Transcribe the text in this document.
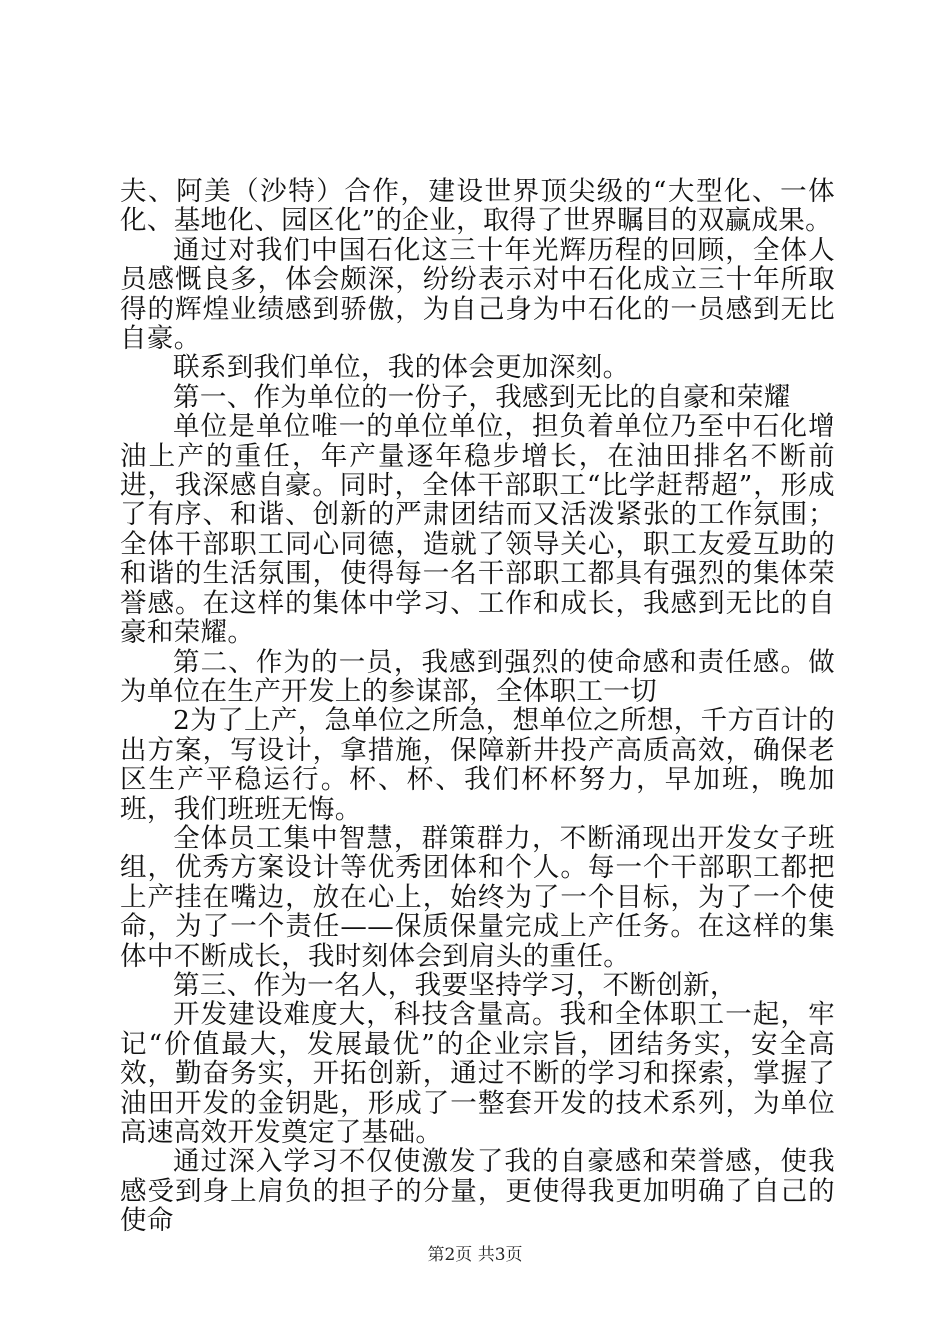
夫、阿美（沙特）合作，建设世界顶尖级的“大型化、一体化、基地化、园区化”的企业，取得了世界瞩目的双赢成果。

通过对我们中国石化这三十年光辉历程的回顾，全体人员感慨良多，体会颇深，纷纷表示对中石化成立三十年所取得的辉煌业绩感到骄傲，为自己身为中石化的一员感到无比自豪。

联系到我们单位，我的体会更加深刻。

第一、作为单位的一份子，我感到无比的自豪和荣耀

单位是单位唯一的单位单位，担负着单位乃至中石化增油上产的重任，年产量逐年稳步增长，在油田排名不断前进，我深感自豪。同时，全体干部职工“比学赶帮超”，形成了有序、和谐、创新的严肃团结而又活泼紧张的工作氛围；全体干部职工同心同德，造就了领导关心，职工友爱互助的和谐的生活氛围，使得每一名干部职工都具有强烈的集体荣誉感。在这样的集体中学习、工作和成长，我感到无比的自豪和荣耀。

第二、作为的一员，我感到强烈的使命感和责任感。做为单位在生产开发上的参谋部，全体职工一切

2为了上产，急单位之所急，想单位之所想，千方百计的出方案，写设计，拿措施，保障新井投产高质高效，确保老区生产平稳运行。杯、杯、我们杯杯努力，早加班，晚加班，我们班班无悔。

全体员工集中智慧，群策群力，不断涌现出开发女子班组，优秀方案设计等优秀团体和个人。每一个干部职工都把上产挂在嘴边，放在心上，始终为了一个目标，为了一个使命，为了一个责任——保质保量完成上产任务。在这样的集体中不断成长，我时刻体会到肩头的重任。

第三、作为一名人，我要坚持学习，不断创新，

开发建设难度大，科技含量高。我和全体职工一起，牢记“价值最大，发展最优”的企业宗旨，团结务实，安全高效，勤奋务实，开拓创新，通过不断的学习和探索，掌握了油田开发的金钥匙，形成了一整套开发的技术系列，为单位高速高效开发奠定了基础。

通过深入学习不仅使激发了我的自豪感和荣誉感，使我感受到身上肩负的担子的分量，更使得我更加明确了自己的使命

第2页 共3页
